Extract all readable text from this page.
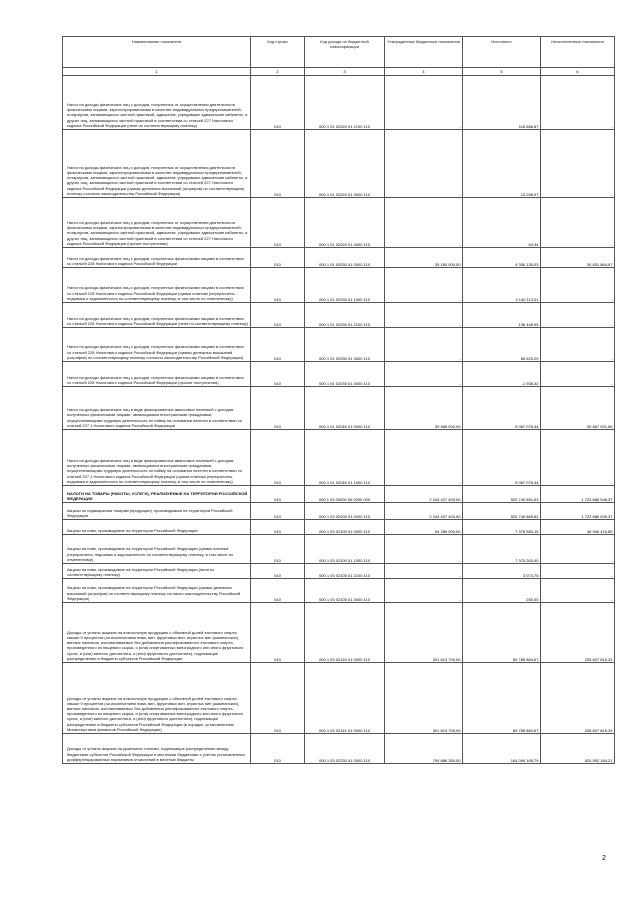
Наименование показателя	Код строки	Код дохода по бюджетной классификации	Утвержденные бюджетные назначения	Исполнено	Неисполненные назначения
1	2	3	4	5	6
Налог на доходы физических лиц с доходов, полученных от осуществления деятельности физическими лицами, зарегистрированными в качестве индивидуальных предпринимателей, нотариусов, занимающихся частной практикой, адвокатов, учредивших адвокатские кабинеты, и других лиц, занимающихся частной практикой в соответствии со статьей 227 Налогового кодекса Российской Федерации (пени по соответствующему платежу)	010	000 1 01 02020 01 2100 110	-	116 686,67	-
Налог на доходы физических лиц с доходов, полученных от осуществления деятельности физическими лицами, зарегистрированными в качестве индивидуальных предпринимателей, нотариусов, занимающихся частной практикой, адвокатов, учредивших адвокатские кабинеты, и других лиц, занимающихся частной практикой в соответствии со статьей 227 Налогового кодекса Российской Федерации (суммы денежных взысканий (штрафов) по соответствующему платежу согласно законодательству Российской Федерации)	010	000 1 01 02020 01 3000 110	-	13 258,97	-
Налог на доходы физических лиц с доходов, полученных от осуществления деятельности физическими лицами, зарегистрированными в качестве индивидуальных предпринимателей, нотариусов, занимающихся частной практикой, адвокатов, учредивших адвокатские кабинеты, и других лиц, занимающихся частной практикой в соответствии со статьей 227 Налогового кодекса Российской Федерации (прочие поступления)	010	000 1 01 02020 01 4000 110	-	54,34	-
Налог на доходы физических лиц с доходов, полученных физическими лицами в соответствии со статьей 228 Налогового кодекса Российской Федерации	010	000 1 01 02030 01 0000 110	35 180 000,00	4 350 135,03	30 831 864,97
Налог на доходы физических лиц с доходов, полученных физическими лицами в соответствии со статьей 228 Налогового кодекса Российской Федерации (сумма платежа (перерасчеты, недоимка и задолженность по соответствующему платежу, в том числе по отмененному)	010	000 1 01 02030 01 1000 110	-	4 140 113,01	-
Налог на доходы физических лиц с доходов, полученных физическими лицами в соответствии со статьей 228 Налогового кодекса Российской Федерации (пени по соответствующему платежу)	010	000 1 01 02030 01 2100 110	-	136 446,95	-
Налог на доходы физических лиц с доходов, полученных физическими лицами в соответствии со статьей 228 Налогового кодекса Российской Федерации (суммы денежных взысканий (штрафов) по соответствующему платежу согласно законодательству Российской Федерации)	010	000 1 01 02030 01 3000 110	-	65 523,29	-
Налог на доходы физических лиц с доходов, полученных физическими лицами в соответствии со статьей 228 Налогового кодекса Российской Федерации (прочие поступления)	010	000 1 01 02030 01 4000 110	-	-1 938,32	-
Налог на доходы физических лиц в виде фиксированных авансовых платежей с доходов, полученных физическими лицами, являющимися иностранными гражданами, осуществляющими трудовую деятельность по найму на основании патента в соответствии со статьей 227.1 Налогового кодекса Российской Федерации	010	000 1 01 02040 01 0000 110	39 968 000,00	9 067 078,34	30 867 921,66
Налог на доходы физических лиц в виде фиксированных авансовых платежей с доходов, полученных физическими лицами, являющимися иностранными гражданами, осуществляющими трудовую деятельность по найму на основании патента в соответствии со статьей 227.1 Налогового кодекса Российской Федерации (сумма платежа (перерасчеты, недоимка и задолженность по соответствующему платежу, в том числе по отмененному)	010	000 1 01 02040 01 1000 110	-	9 067 078,34	-
НАЛОГИ НА ТОВАРЫ (РАБОТЫ, УСЛУГИ), РЕАЛИЗУЕМЫЕ НА ТЕРРИТОРИИ РОССИЙСКОЙ ФЕДЕРАЦИИ	010	000 1 03 00000 00 0000 000	2 244 427 400,00	520 740 851,63	1 723 686 548,37
Акцизы по подакцизным товарам (продукции), производимым на территории Российской Федерации	010	000 1 03 02000 01 0000 110	2 244 427 400,00	520 740 865,62	1 723 686 535,37
Акцизы на пиво, производимое на территории Российской Федерации	010	000 1 03 02100 01 0000 110	54 285 000,00	7 378 583,15	46 906 416,85
Акцизы на пиво, производимое на территории Российской Федерации (сумма платежа (перерасчеты, недоимка и задолженность по соответствующему платежу, в том числе по отмененному)	010	000 1 03 02100 01 1000 110	-	7 375 263,40	-
Акцизы на пиво, производимое на территории Российской Федерации (пени по соответствующему платежу)	010	000 1 03 02100 01 2100 110	-	3 073,75	-
Акцизы на пиво, производимое на территории Российской Федерации (суммы денежных взысканий (штрафов) по соответствующему платежу согласно законодательству Российской Федерации)	010	000 1 03 02100 01 3000 110	-	250,00	-
Доходы от уплаты акцизов на алкогольную продукцию с объемной долей этилового спирта свыше 9 процентов (за исключением пива, вин, фруктовых вин, игристых вин (шампанских), винных напитков, изготавливаемых без добавления ректификованного этилового спирта, произведенного из пищевого сырья, и (или) спиртованных виноградного или иного фруктового сусла, и (или) винного дистиллята, и (или) фруктового дистиллята), подлежащие распределению в бюджеты субъектов Российской Федерации	010	000 1 03 02140 01 0000 110	301 613 700,00	65 785 884,67	235 827 815,33
Доходы от уплаты акцизов на алкогольную продукцию с объемной долей этилового спирта свыше 9 процентов (за исключением пива, вин, фруктовых вин, игристых вин (шампанских), винных напитков, изготавливаемых без добавления ректификованного этилового спирта, произведенного из пищевого сырья, и (или) спиртованных виноградного или иного фруктового сусла, и (или) винного дистиллята, и (или) фруктового дистиллята), подлежащие распределению в бюджеты субъектов Российской Федерации (в порядке, установленном Министерством финансов Российской Федерации)	010	000 1 03 02142 01 0000 110	301 613 700,00	65 785 884,67	235 827 815,33
Доходы от уплаты акцизов на дизельное топливо, подлежащие распределению между бюджетами субъектов Российской Федерации и местными бюджетами с учетом установленных дифференцированных нормативов отчислений в местные бюджеты	010	000 1 03 02230 01 0000 110	794 686 350,00	164 094 165,79	620 592 184,21
2
